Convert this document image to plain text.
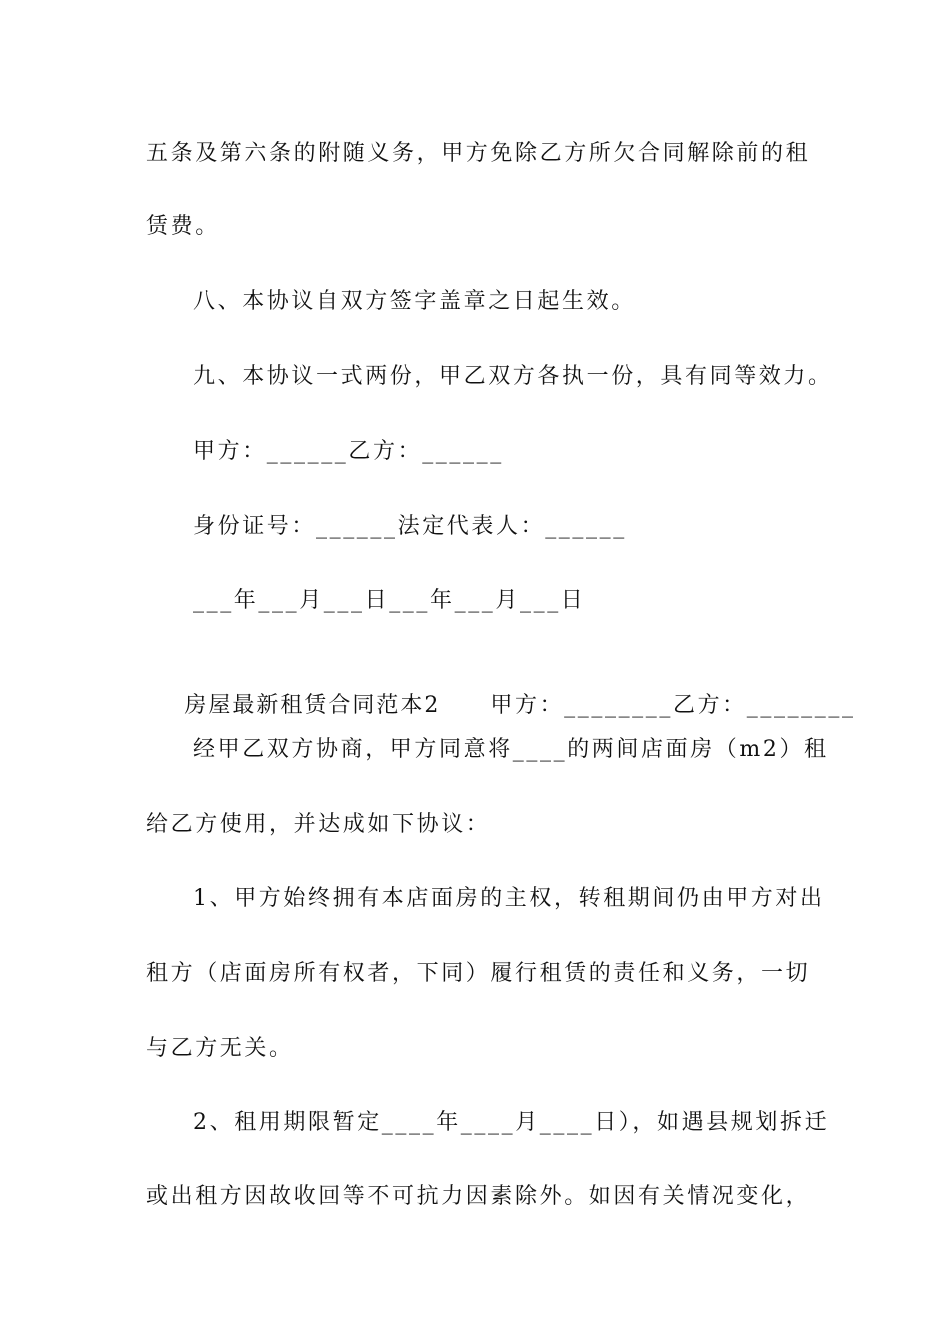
五条及第六条的附随义务，甲方免除乙方所欠合同解除前的租
赁费。
八、本协议自双方签字盖章之日起生效。
九、本协议一式两份，甲乙双方各执一份，具有同等效力。
甲方：______乙方：______
身份证号：______法定代表人：______
___年___月___日___年___月___日

房屋最新租赁合同范本2 甲方：________乙方：________

经甲乙双方协商，甲方同意将____的两间店面房（m2）租
给乙方使用，并达成如下协议：
1、甲方始终拥有本店面房的主权，转租期间仍由甲方对出
租方（店面房所有权者，下同）履行租赁的责任和义务，一切
与乙方无关。
2、租用期限暂定____年____月____日），如遇县规划拆迁
或出租方因故收回等不可抗力因素除外。如因有关情况变化，
